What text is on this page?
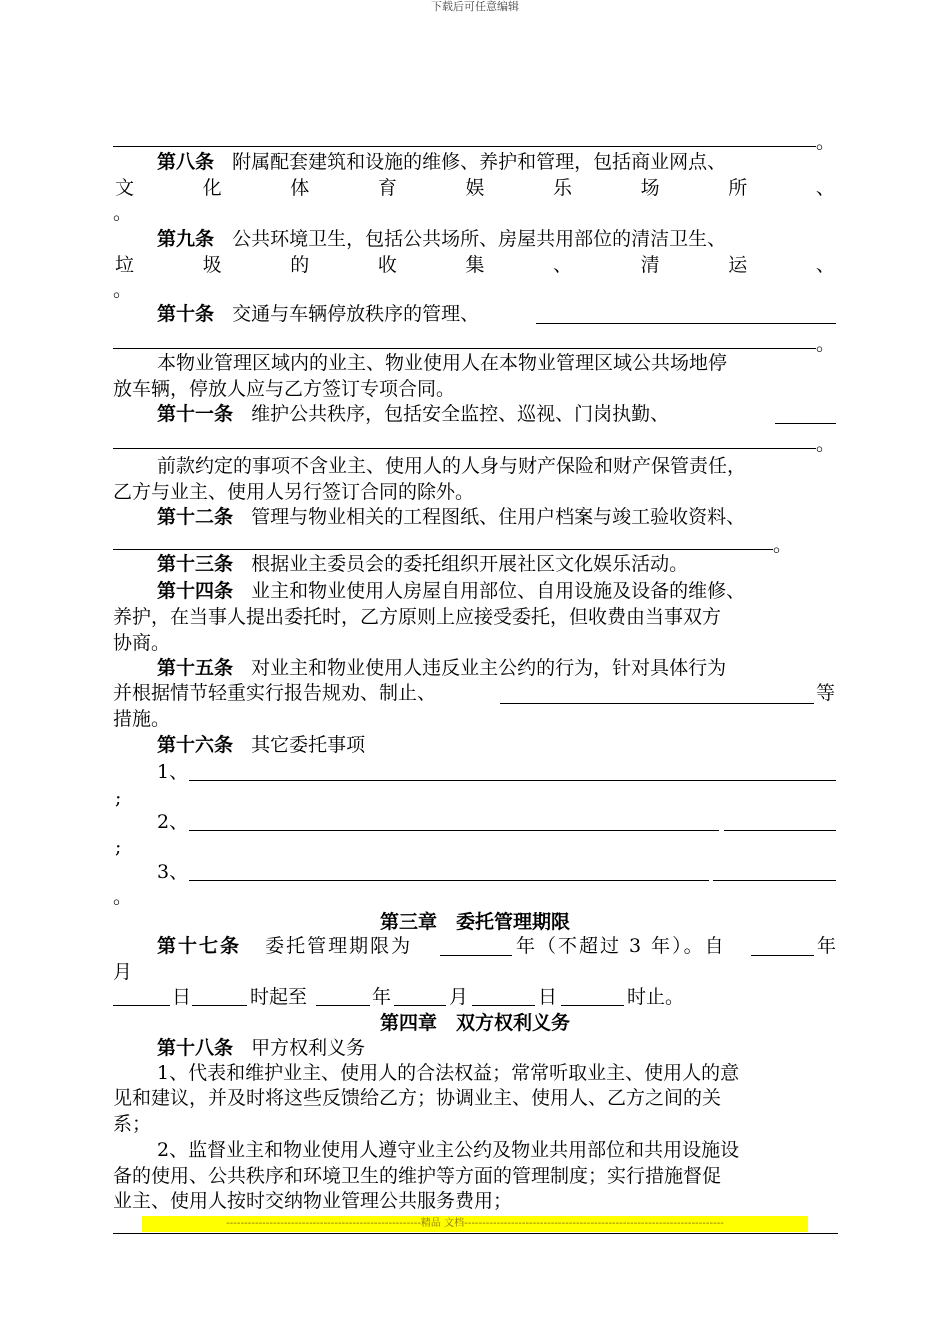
下载后可任意编辑
。
第八条 附属配套建筑和设施的维修、养护和管理，包括商业网点、
文	化	体	育	娱	乐	场	所	、
。
第九条 公共环境卫生，包括公共场所、房屋共用部位的清洁卫生、
垃	圾	的	收	集	、	清	运	、
。
第十条 交通与车辆停放秩序的管理、
。
本物业管理区域内的业主、物业使用人在本物业管理区域公共场地停
放车辆，停放人应与乙方签订专项合同。
第十一条 维护公共秩序，包括安全监控、巡视、门岗执勤、
。
前款约定的事项不含业主、使用人的人身与财产保险和财产保管责任，
乙方与业主、使用人另行签订合同的除外。
第十二条 管理与物业相关的工程图纸、住用户档案与竣工验收资料、
。
第十三条 根据业主委员会的委托组织开展社区文化娱乐活动。
第十四条 业主和物业使用人房屋自用部位、自用设施及设备的维修、
养护，在当事人提出委托时，乙方原则上应接受委托，但收费由当事双方
协商。
第十五条 对业主和物业使用人违反业主公约的行为，针对具体行为
并根据情节轻重实行报告规劝、制止、	等
措施。
第十六条 其它委托事项
1、
;
2、
;
3、
。
第三章　委托管理期限
第十七条 委托管理期限为	年（不超过 3 年）。自	年
月
日	时起至	年	月	日	时止。
第四章　双方权利义务
第十八条 甲方权利义务
1、代表和维护业主、使用人的合法权益；常常听取业主、使用人的意
见和建议，并及时将这些反馈给乙方；协调业主、使用人、乙方之间的关
系；
2、监督业主和物业使用人遵守业主公约及物业共用部位和共用设施设
备的使用、公共秩序和环境卫生的维护等方面的管理制度；实行措施督促
业主、使用人按时交纳物业管理公共服务费用；
------------------------------------------------------精品 文档------------------------------------------------------------------------
